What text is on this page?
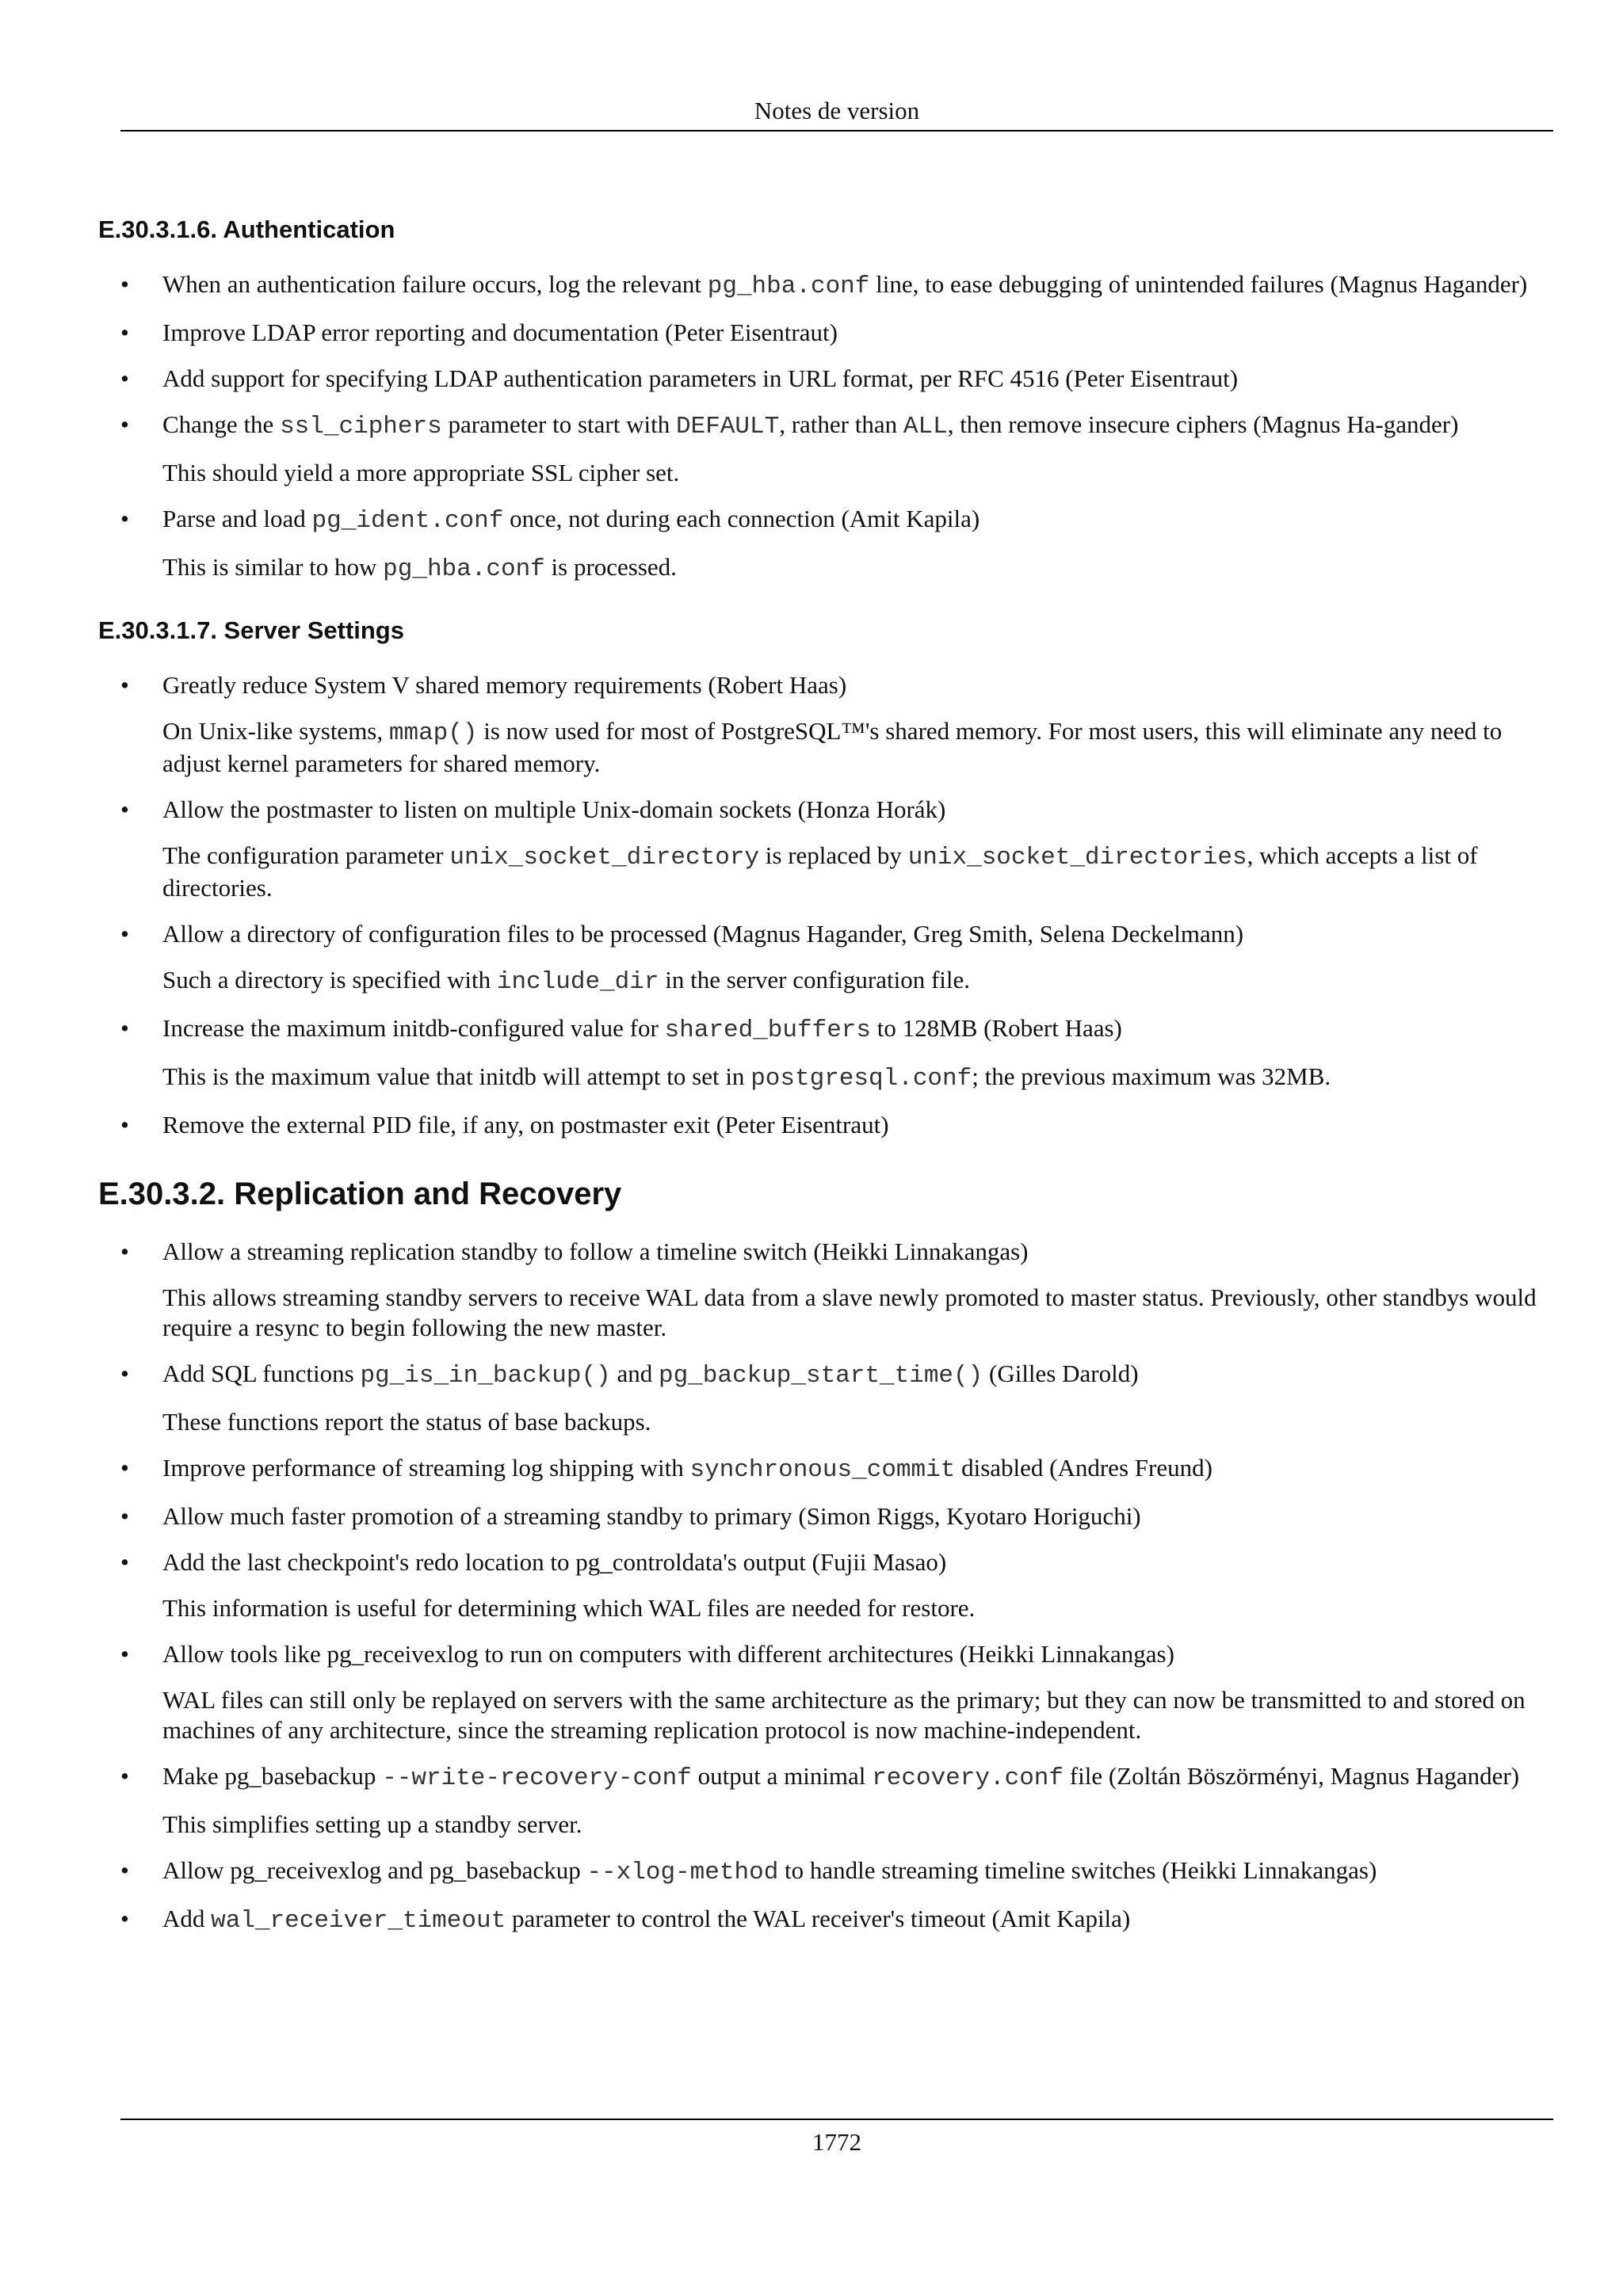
Notes de version
E.30.3.1.6. Authentication

• When an authentication failure occurs, log the relevant pg_hba.conf line, to ease debugging of unintended failures (Magnus Hagander)

• Improve LDAP error reporting and documentation (Peter Eisentraut)

• Add support for specifying LDAP authentication parameters in URL format, per RFC 4516 (Peter Eisentraut)

• Change the ssl_ciphers parameter to start with DEFAULT, rather than ALL, then remove insecure ciphers (Magnus Ha-gander)

This should yield a more appropriate SSL cipher set.

• Parse and load pg_ident.conf once, not during each connection (Amit Kapila)

This is similar to how pg_hba.conf is processed.

E.30.3.1.7. Server Settings

• Greatly reduce System V shared memory requirements (Robert Haas)

On Unix-like systems, mmap() is now used for most of PostgreSQL™'s shared memory. For most users, this will eliminate any need to adjust kernel parameters for shared memory.

• Allow the postmaster to listen on multiple Unix-domain sockets (Honza Horák)

The configuration parameter unix_socket_directory is replaced by unix_socket_directories, which accepts a list of directories.

• Allow a directory of configuration files to be processed (Magnus Hagander, Greg Smith, Selena Deckelmann)

Such a directory is specified with include_dir in the server configuration file.

• Increase the maximum initdb-configured value for shared_buffers to 128MB (Robert Haas)

This is the maximum value that initdb will attempt to set in postgresql.conf; the previous maximum was 32MB.

• Remove the external PID file, if any, on postmaster exit (Peter Eisentraut)

E.30.3.2. Replication and Recovery

• Allow a streaming replication standby to follow a timeline switch (Heikki Linnakangas)

This allows streaming standby servers to receive WAL data from a slave newly promoted to master status. Previously, other standbys would require a resync to begin following the new master.

• Add SQL functions pg_is_in_backup() and pg_backup_start_time() (Gilles Darold)

These functions report the status of base backups.

• Improve performance of streaming log shipping with synchronous_commit disabled (Andres Freund)

• Allow much faster promotion of a streaming standby to primary (Simon Riggs, Kyotaro Horiguchi)

• Add the last checkpoint's redo location to pg_controldata's output (Fujii Masao)

This information is useful for determining which WAL files are needed for restore.

• Allow tools like pg_receivexlog to run on computers with different architectures (Heikki Linnakangas)

WAL files can still only be replayed on servers with the same architecture as the primary; but they can now be transmitted to and stored on machines of any architecture, since the streaming replication protocol is now machine-independent.

• Make pg_basebackup --write-recovery-conf output a minimal recovery.conf file (Zoltán Böszörményi, Magnus Hagander)

This simplifies setting up a standby server.

• Allow pg_receivexlog and pg_basebackup --xlog-method to handle streaming timeline switches (Heikki Linnakangas)

• Add wal_receiver_timeout parameter to control the WAL receiver's timeout (Amit Kapila)

1772
